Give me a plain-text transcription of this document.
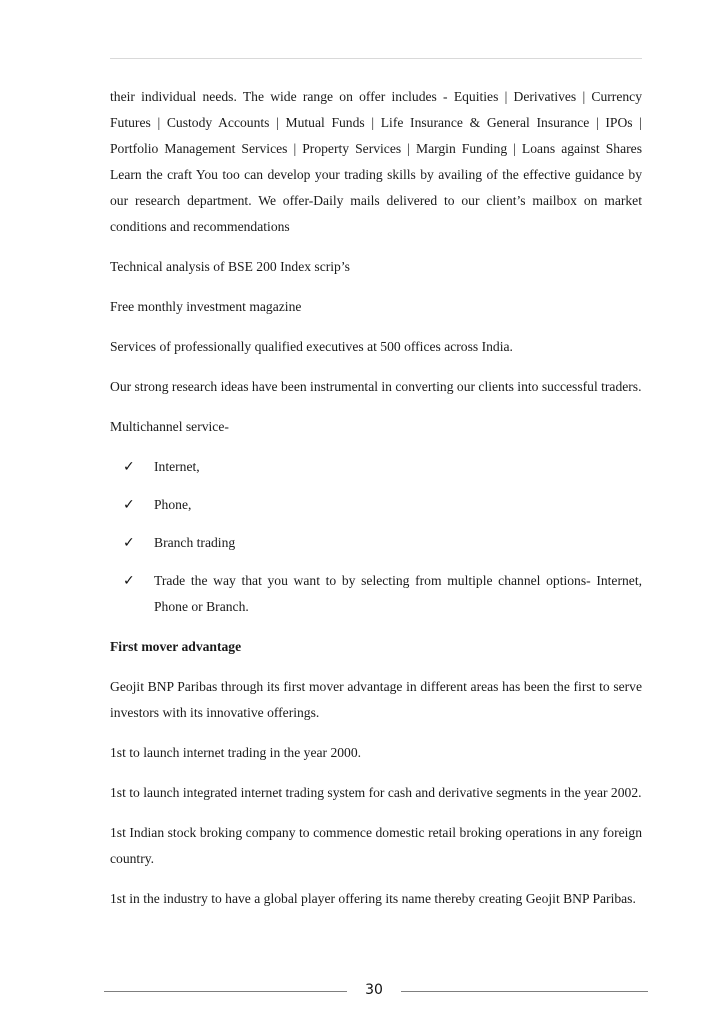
their individual needs. The wide range on offer includes - Equities | Derivatives | Currency Futures | Custody Accounts | Mutual Funds | Life Insurance & General Insurance | IPOs | Portfolio Management Services | Property Services | Margin Funding | Loans against Shares Learn the craft You too can develop your trading skills by availing of the effective guidance by our research department. We offer-Daily mails delivered to our client’s mailbox on market conditions and recommendations

Technical analysis of BSE 200 Index scrip’s

Free monthly investment magazine

Services of professionally qualified executives at 500 offices across India.

Our strong research ideas have been instrumental in converting our clients into successful traders.

Multichannel service-

✓	Internet,
✓	Phone,
✓	Branch trading
✓	Trade the way that you want to by selecting from multiple channel options- Internet, Phone or Branch.

First mover advantage

Geojit BNP Paribas through its first mover advantage in different areas has been the first to serve investors with its innovative offerings.

1st to launch internet trading in the year 2000.

1st to launch integrated internet trading system for cash and derivative segments in the year 2002.

1st Indian stock broking company to commence domestic retail broking operations in any foreign country.

1st in the industry to have a global player offering its name thereby creating Geojit BNP Paribas.

30
